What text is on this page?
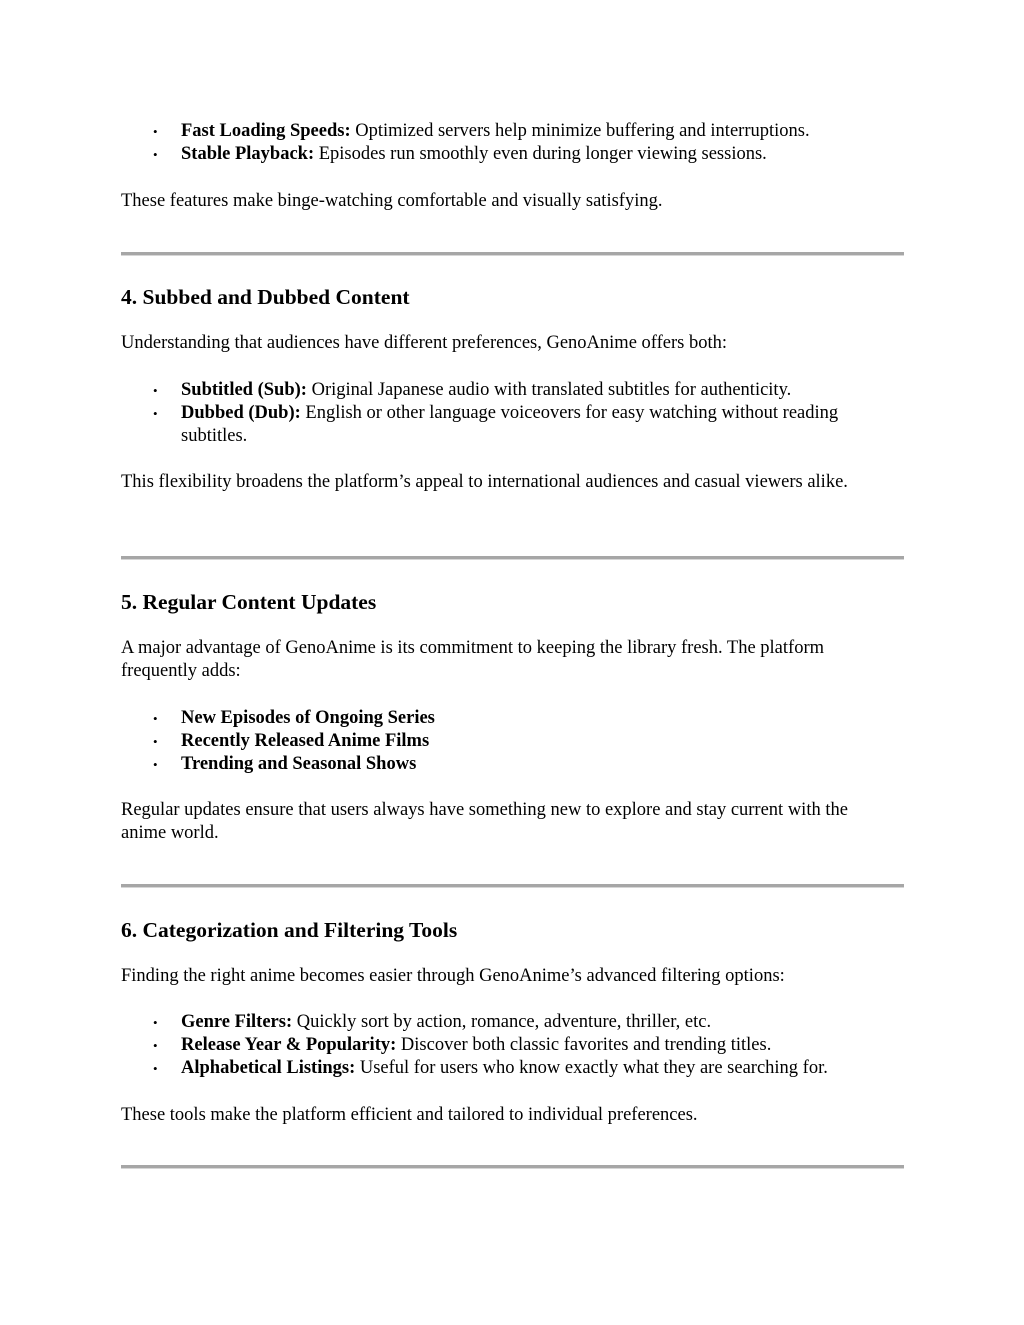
• Fast Loading Speeds: Optimized servers help minimize buffering and interruptions.
• Stable Playback: Episodes run smoothly even during longer viewing sessions.

These features make binge-watching comfortable and visually satisfying.

4. Subbed and Dubbed Content

Understanding that audiences have different preferences, GenoAnime offers both:

• Subtitled (Sub): Original Japanese audio with translated subtitles for authenticity.
• Dubbed (Dub): English or other language voiceovers for easy watching without reading subtitles.

This flexibility broadens the platform’s appeal to international audiences and casual viewers alike.

5. Regular Content Updates

A major advantage of GenoAnime is its commitment to keeping the library fresh. The platform frequently adds:

• New Episodes of Ongoing Series
• Recently Released Anime Films
• Trending and Seasonal Shows

Regular updates ensure that users always have something new to explore and stay current with the anime world.

6. Categorization and Filtering Tools

Finding the right anime becomes easier through GenoAnime’s advanced filtering options:

• Genre Filters: Quickly sort by action, romance, adventure, thriller, etc.
• Release Year & Popularity: Discover both classic favorites and trending titles.
• Alphabetical Listings: Useful for users who know exactly what they are searching for.

These tools make the platform efficient and tailored to individual preferences.
